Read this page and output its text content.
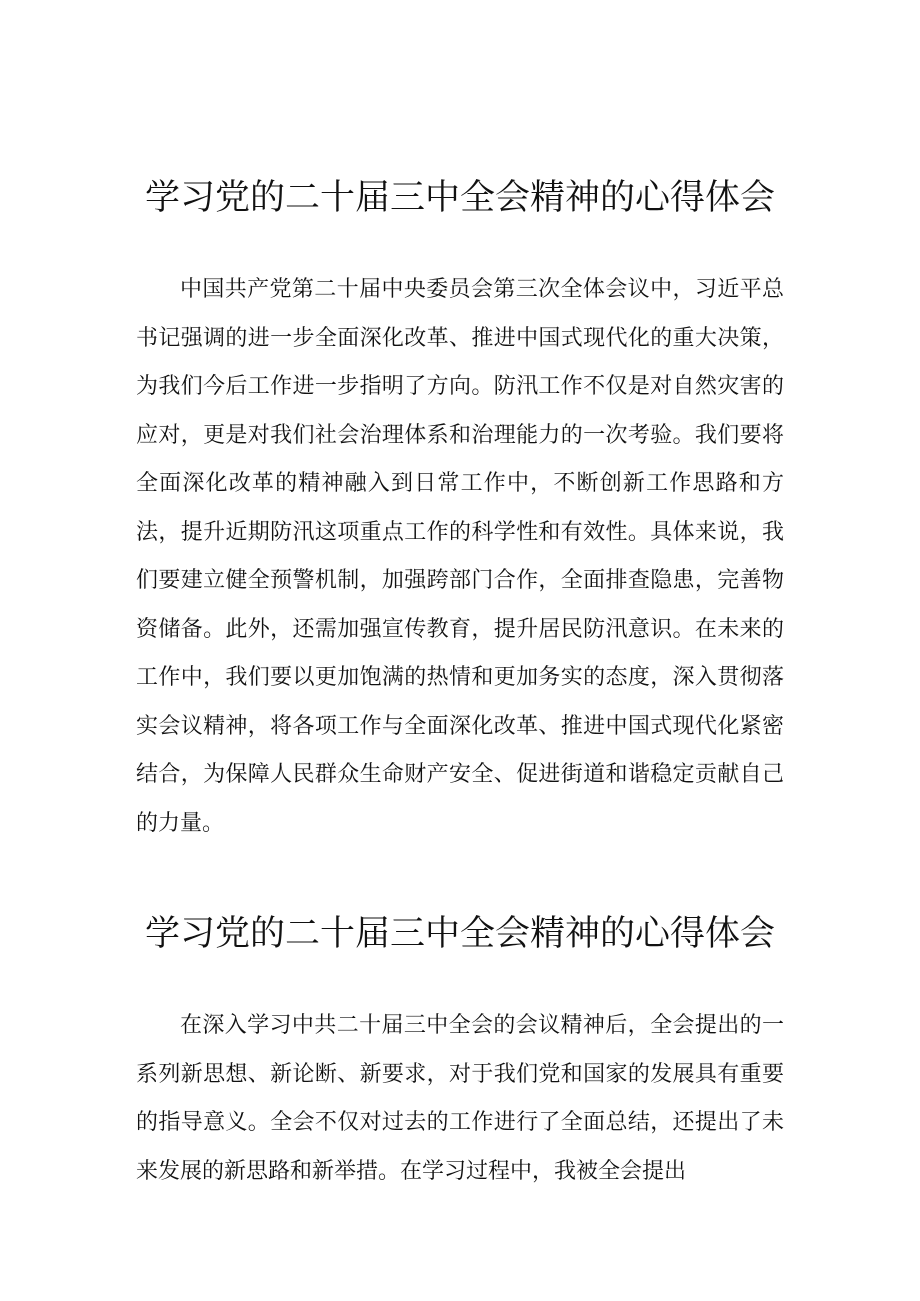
学习党的二十届三中全会精神的心得体会

中国共产党第二十届中央委员会第三次全体会议中，习近平总书记强调的进一步全面深化改革、推进中国式现代化的重大决策，为我们今后工作进一步指明了方向。防汛工作不仅是对自然灾害的应对，更是对我们社会治理体系和治理能力的一次考验。我们要将全面深化改革的精神融入到日常工作中，不断创新工作思路和方法，提升近期防汛这项重点工作的科学性和有效性。具体来说，我们要建立健全预警机制，加强跨部门合作，全面排查隐患，完善物资储备。此外，还需加强宣传教育，提升居民防汛意识。在未来的工作中，我们要以更加饱满的热情和更加务实的态度，深入贯彻落实会议精神，将各项工作与全面深化改革、推进中国式现代化紧密结合，为保障人民群众生命财产安全、促进街道和谐稳定贡献自己的力量。

学习党的二十届三中全会精神的心得体会

在深入学习中共二十届三中全会的会议精神后，全会提出的一系列新思想、新论断、新要求，对于我们党和国家的发展具有重要的指导意义。全会不仅对过去的工作进行了全面总结，还提出了未来发展的新思路和新举措。在学习过程中，我被全会提出
